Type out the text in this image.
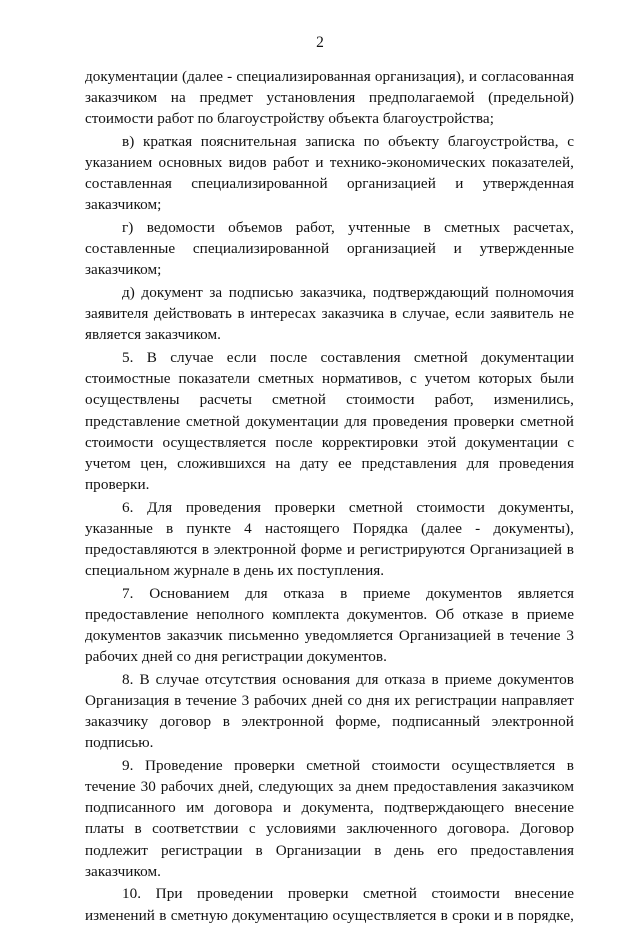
2

документации (далее - специализированная организация), и согласованная заказчиком на предмет установления предполагаемой (предельной) стоимости работ по благоустройству объекта благоустройства;

в) краткая пояснительная записка по объекту благоустройства, с указанием основных видов работ и технико-экономических показателей, составленная специализированной организацией и утвержденная заказчиком;

г) ведомости объемов работ, учтенные в сметных расчетах, составленные специализированной организацией и утвержденные заказчиком;

д) документ за подписью заказчика, подтверждающий полномочия заявителя действовать в интересах заказчика в случае, если заявитель не является заказчиком.

5. В случае если после составления сметной документации стоимостные показатели сметных нормативов, с учетом которых были осуществлены расчеты сметной стоимости работ, изменились, представление сметной документации для проведения проверки сметной стоимости осуществляется после корректировки этой документации с учетом цен, сложившихся на дату ее представления для проведения проверки.

6. Для проведения проверки сметной стоимости документы, указанные в пункте 4 настоящего Порядка (далее - документы), предоставляются в электронной форме и регистрируются Организацией в специальном журнале в день их поступления.

7. Основанием для отказа в приеме документов является предоставление неполного комплекта документов. Об отказе в приеме документов заказчик письменно уведомляется Организацией в течение 3 рабочих дней со дня регистрации документов.

8. В случае отсутствия основания для отказа в приеме документов Организация в течение 3 рабочих дней со дня их регистрации направляет заказчику договор в электронной форме, подписанный электронной подписью.

9. Проведение проверки сметной стоимости осуществляется в течение 30 рабочих дней, следующих за днем предоставления заказчиком подписанного им договора и документа, подтверждающего внесение платы в соответствии с условиями заключенного договора. Договор подлежит регистрации в Организации в день его предоставления заказчиком.

10. При проведении проверки сметной стоимости внесение изменений в сметную документацию осуществляется в сроки и в порядке,
